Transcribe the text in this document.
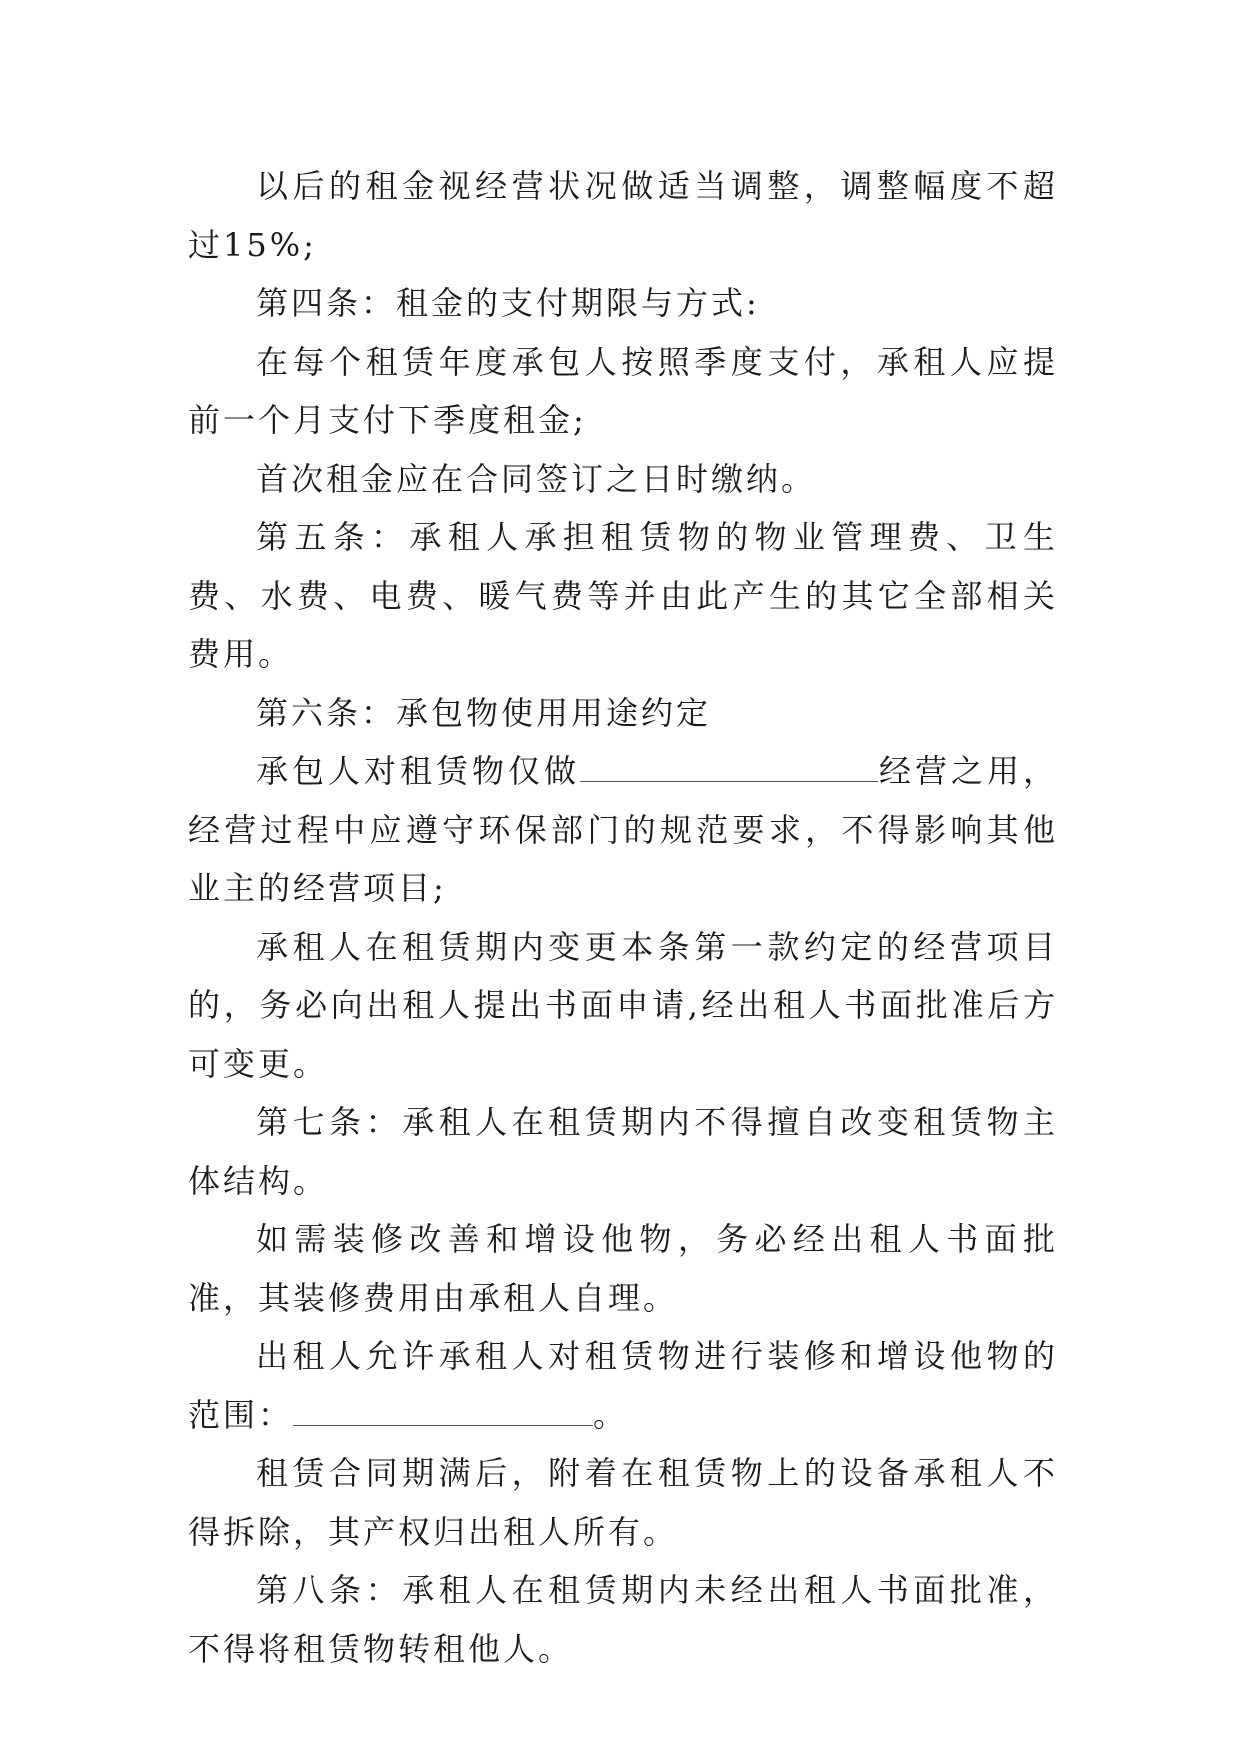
以后的租金视经营状况做适当调整，调整幅度不超过15%;

第四条：租金的支付期限与方式:

在每个租赁年度承包人按照季度支付，承租人应提前一个月支付下季度租金;

首次租金应在合同签订之日时缴纳。

第五条：承租人承担租赁物的物业管理费、卫生费、水费、电费、暖气费等并由此产生的其它全部相关费用。

第六条：承包物使用用途约定

承包人对租赁物仅做	经营之用，经营过程中应遵守环保部门的规范要求，不得影响其他业主的经营项目;

承租人在租赁期内变更本条第一款约定的经营项目的，务必向出租人提出书面申请,经出租人书面批准后方可变更。

第七条：承租人在租赁期内不得擅自改变租赁物主体结构。

如需装修改善和增设他物，务必经出租人书面批准，其装修费用由承租人自理。

出租人允许承租人对租赁物进行装修和增设他物的范围：	。

租赁合同期满后，附着在租赁物上的设备承租人不得拆除，其产权归出租人所有。

第八条：承租人在租赁期内未经出租人书面批准，不得将租赁物转租他人。
